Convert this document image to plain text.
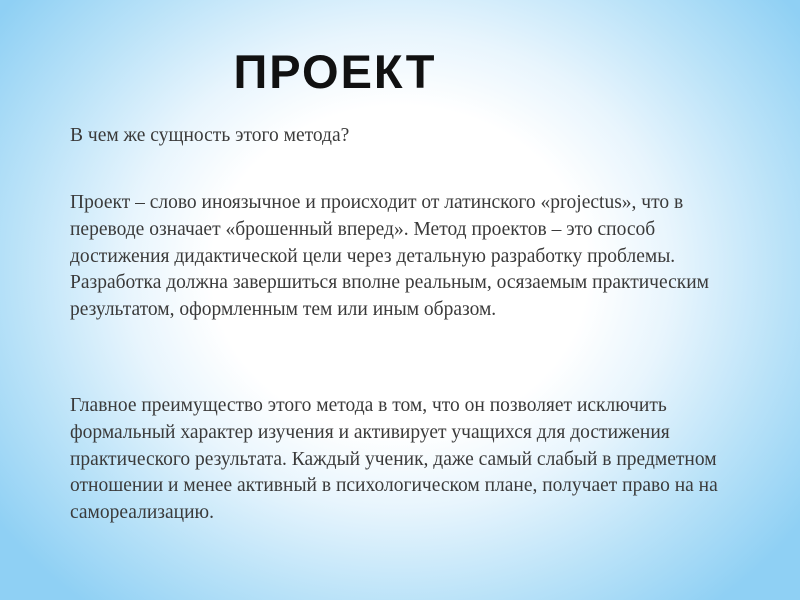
ПРОЕКТ

В чем же сущность этого метода?

Проект – слово иноязычное и происходит от латинского «projectus», что в переводе означает «брошенный вперед». Метод проектов – это способ достижения дидактической цели через детальную разработку проблемы. Разработка должна завершиться вполне реальным, осязаемым практическим результатом, оформленным тем или иным образом.

Главное преимущество этого метода в том, что он позволяет исключить формальный характер изучения и активирует учащихся для достижения практического результата. Каждый ученик, даже самый слабый в предметном отношении и менее активный в психологическом плане, получает право на на самореализацию.
